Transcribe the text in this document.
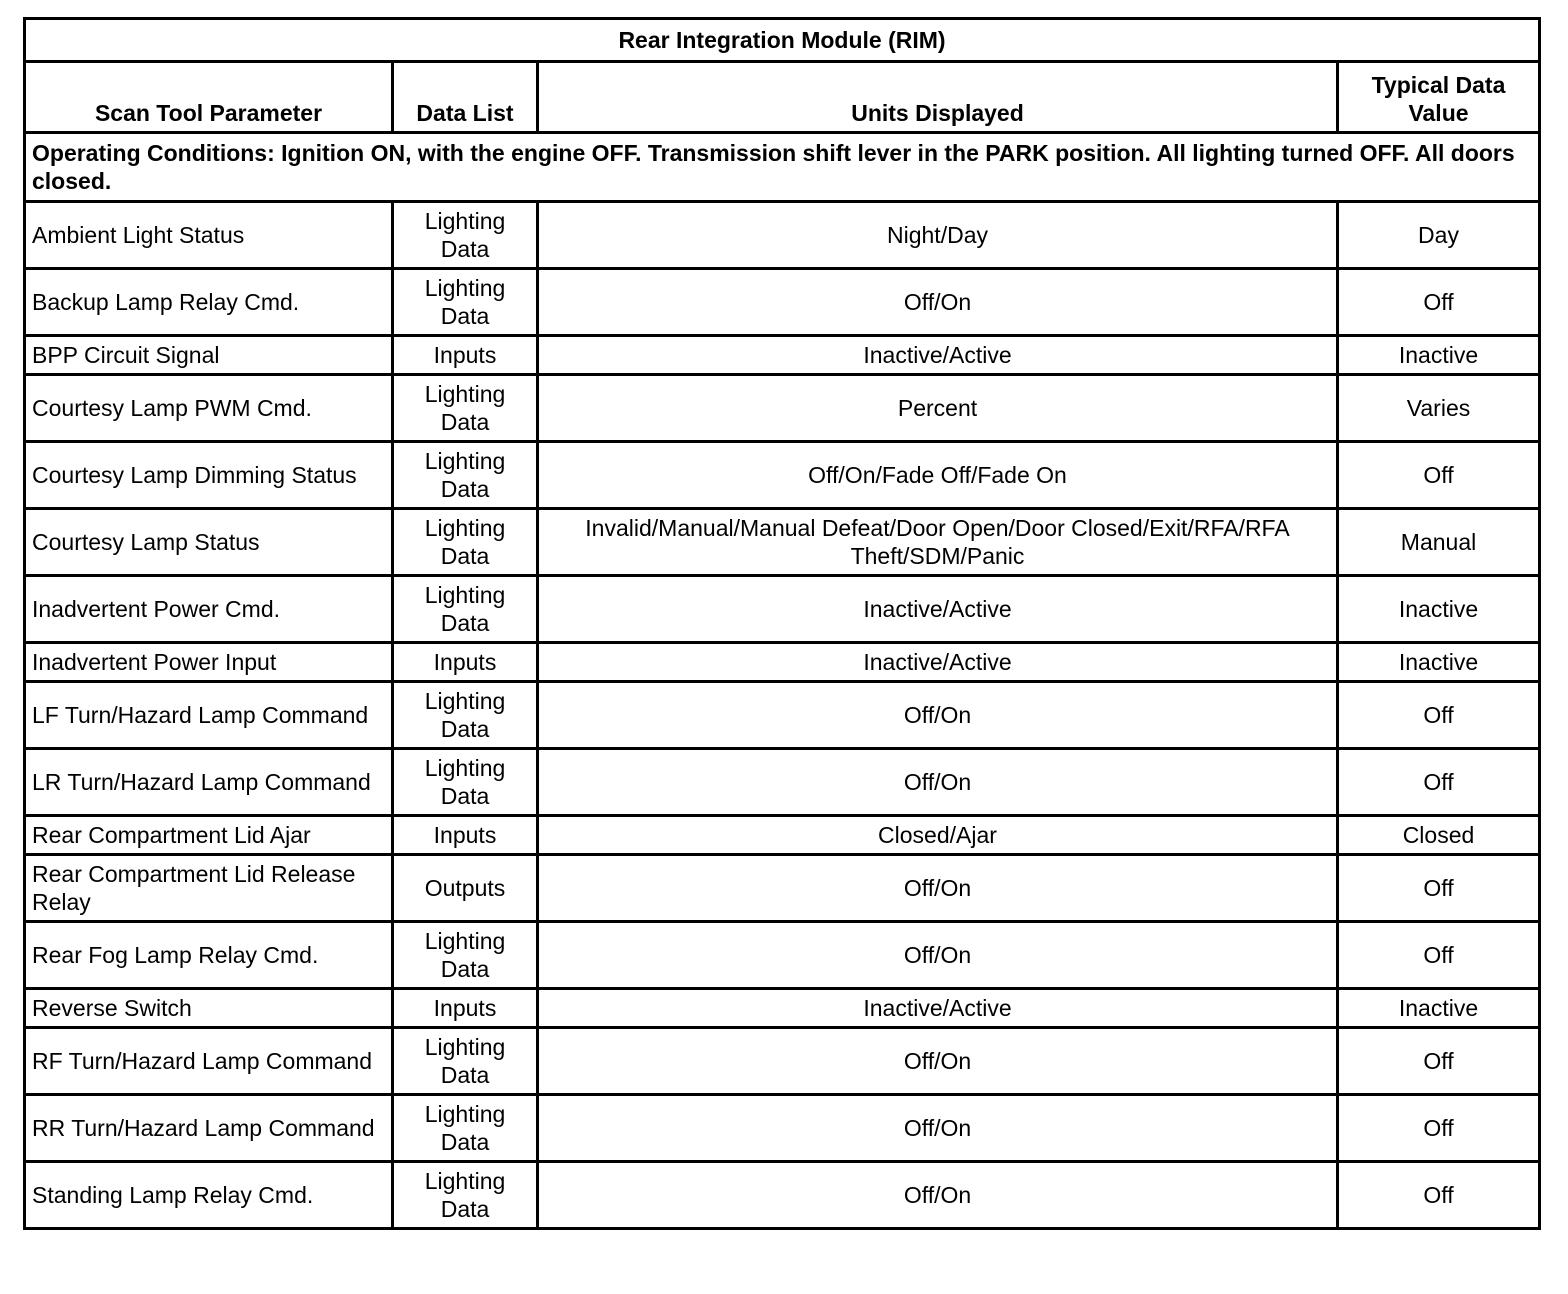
Rear Integration Module (RIM)			
Scan Tool Parameter	Data List	Units Displayed	Typical Data Value
Operating Conditions: Ignition ON, with the engine OFF. Transmission shift lever in the PARK position. All lighting turned OFF. All doors closed.			
Ambient Light Status	Lighting Data	Night/Day	Day
Backup Lamp Relay Cmd.	Lighting Data	Off/On	Off
BPP Circuit Signal	Inputs	Inactive/Active	Inactive
Courtesy Lamp PWM Cmd.	Lighting Data	Percent	Varies
Courtesy Lamp Dimming Status	Lighting Data	Off/On/Fade Off/Fade On	Off
Courtesy Lamp Status	Lighting Data	Invalid/Manual/Manual Defeat/Door Open/Door Closed/Exit/RFA/RFA Theft/SDM/Panic	Manual
Inadvertent Power Cmd.	Lighting Data	Inactive/Active	Inactive
Inadvertent Power Input	Inputs	Inactive/Active	Inactive
LF Turn/Hazard Lamp Command	Lighting Data	Off/On	Off
LR Turn/Hazard Lamp Command	Lighting Data	Off/On	Off
Rear Compartment Lid Ajar	Inputs	Closed/Ajar	Closed
Rear Compartment Lid Release Relay	Outputs	Off/On	Off
Rear Fog Lamp Relay Cmd.	Lighting Data	Off/On	Off
Reverse Switch	Inputs	Inactive/Active	Inactive
RF Turn/Hazard Lamp Command	Lighting Data	Off/On	Off
RR Turn/Hazard Lamp Command	Lighting Data	Off/On	Off
Standing Lamp Relay Cmd.	Lighting Data	Off/On	Off
